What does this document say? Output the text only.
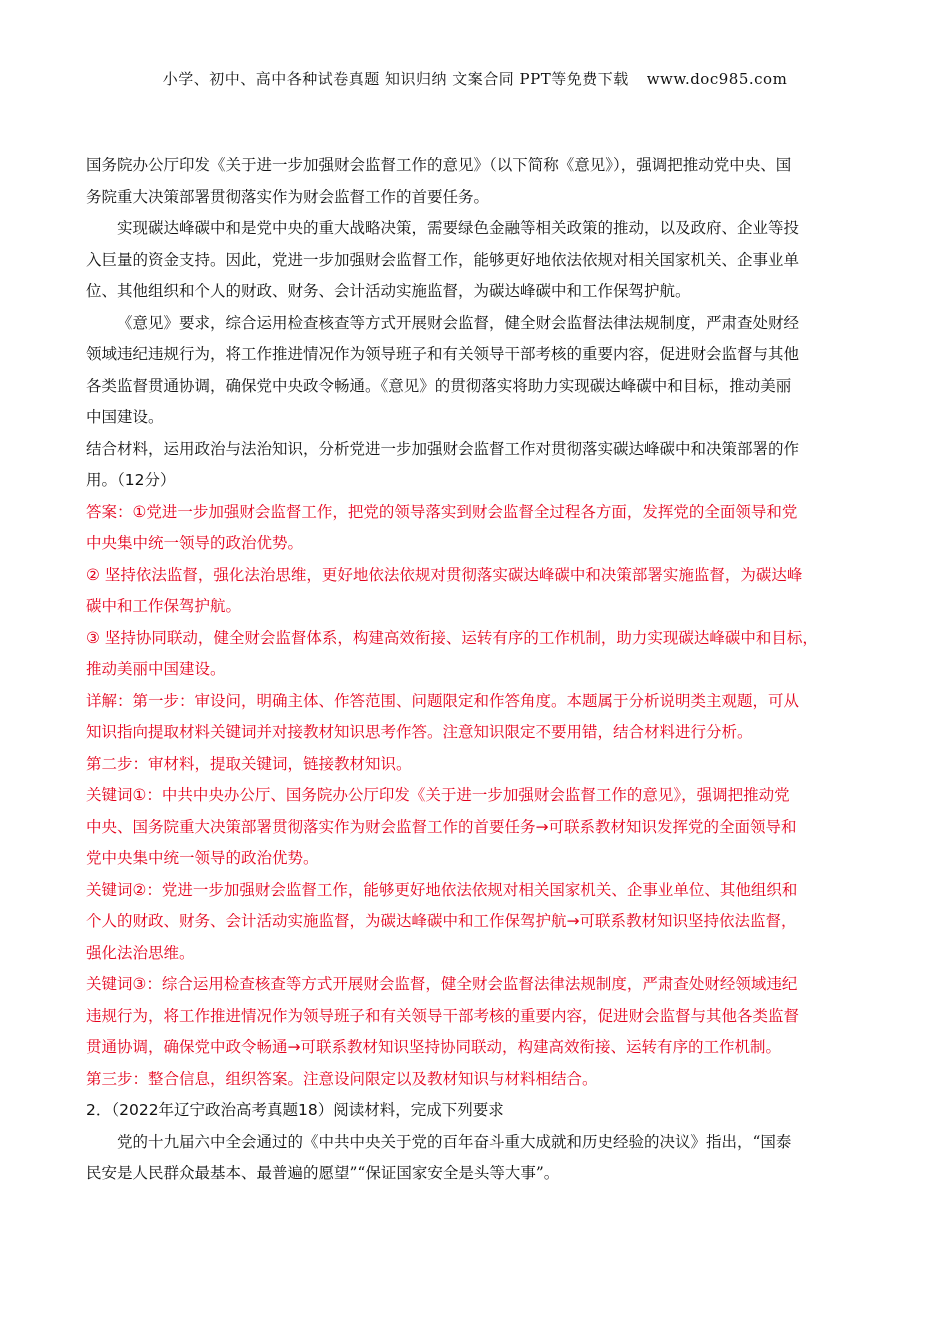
小学、初中、高中各种试卷真题 知识归纳 文案合同 PPT等免费下载 www.doc985.com
国务院办公厅印发《关于进一步加强财会监督工作的意见》（以下简称《意见》），强调把推动党中央、国
务院重大决策部署贯彻落实作为财会监督工作的首要任务。
实现碳达峰碳中和是党中央的重大战略决策，需要绿色金融等相关政策的推动，以及政府、企业等投
入巨量的资金支持。因此，党进一步加强财会监督工作，能够更好地依法依规对相关国家机关、企事业单
位、其他组织和个人的财政、财务、会计活动实施监督，为碳达峰碳中和工作保驾护航。
《意见》要求，综合运用检查核查等方式开展财会监督，健全财会监督法律法规制度，严肃查处财经
领域违纪违规行为，将工作推进情况作为领导班子和有关领导干部考核的重要内容，促进财会监督与其他
各类监督贯通协调，确保党中央政令畅通。《意见》的贯彻落实将助力实现碳达峰碳中和目标，推动美丽
中国建设。
结合材料，运用政治与法治知识，分析党进一步加强财会监督工作对贯彻落实碳达峰碳中和决策部署的作
用。（12分）
答案：①党进一步加强财会监督工作，把党的领导落实到财会监督全过程各方面，发挥党的全面领导和党
中央集中统一领导的政治优势。
② 坚持依法监督，强化法治思维，更好地依法依规对贯彻落实碳达峰碳中和决策部署实施监督，为碳达峰
碳中和工作保驾护航。
③ 坚持协同联动，健全财会监督体系，构建高效衔接、运转有序的工作机制，助力实现碳达峰碳中和目标，
推动美丽中国建设。
详解：第一步：审设问，明确主体、作答范围、问题限定和作答角度。本题属于分析说明类主观题，可从
知识指向提取材料关键词并对接教材知识思考作答。注意知识限定不要用错，结合材料进行分析。
第二步：审材料，提取关键词，链接教材知识。
关键词①：中共中央办公厅、国务院办公厅印发《关于进一步加强财会监督工作的意见》，强调把推动党
中央、国务院重大决策部署贯彻落实作为财会监督工作的首要任务→可联系教材知识发挥党的全面领导和
党中央集中统一领导的政治优势。
关键词②：党进一步加强财会监督工作，能够更好地依法依规对相关国家机关、企事业单位、其他组织和
个人的财政、财务、会计活动实施监督，为碳达峰碳中和工作保驾护航→可联系教材知识坚持依法监督，
强化法治思维。
关键词③：综合运用检查核查等方式开展财会监督，健全财会监督法律法规制度，严肃查处财经领域违纪
违规行为，将工作推进情况作为领导班子和有关领导干部考核的重要内容，促进财会监督与其他各类监督
贯通协调，确保党中政令畅通→可联系教材知识坚持协同联动，构建高效衔接、运转有序的工作机制。
第三步：整合信息，组织答案。注意设问限定以及教材知识与材料相结合。
2．（2022年辽宁政治高考真题18）阅读材料，完成下列要求
党的十九届六中全会通过的《中共中央关于党的百年奋斗重大成就和历史经验的决议》指出，“国泰
民安是人民群众最基本、最普遍的愿望”“保证国家安全是头等大事”。
